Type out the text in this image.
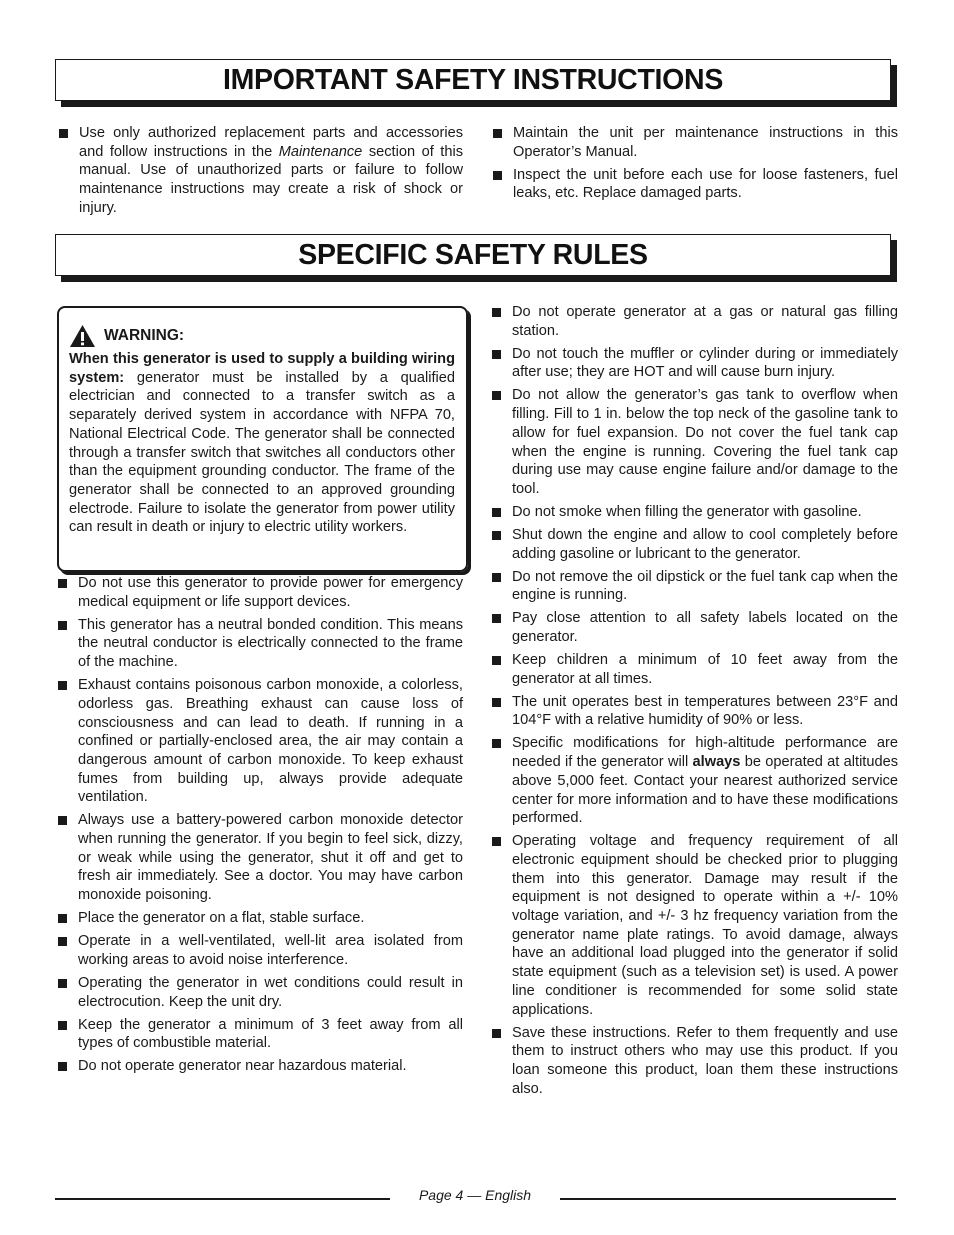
IMPORTANT SAFETY INSTRUCTIONS
Use only authorized replacement parts and accessories and follow instructions in the Maintenance section of this manual. Use of unauthorized parts or failure to follow maintenance instructions may create a risk of shock or injury.
Maintain the unit per maintenance instructions in this Operator’s Manual.
Inspect the unit before each use for loose fasteners, fuel leaks, etc. Replace damaged parts.
SPECIFIC SAFETY RULES
WARNING:
When this generator is used to supply a building wiring system: generator must be installed by a qualified electrician and connected to a transfer switch as a separately derived system in accordance with NFPA 70, National Electrical Code. The generator shall be connected through a transfer switch that switches all conductors other than the equipment grounding conductor. The frame of the generator shall be connected to an approved grounding electrode. Failure to isolate the generator from power utility can result in death or injury to electric utility workers.
Do not use this generator to provide power for emergency medical equipment or life support devices.
This generator has a neutral bonded condition. This means the neutral conductor is electrically connected to the frame of the machine.
Exhaust contains poisonous carbon monoxide, a colorless, odorless gas. Breathing exhaust can cause loss of consciousness and can lead to death. If running in a confined or partially-enclosed area, the air may contain a dangerous amount of carbon monoxide. To keep exhaust fumes from building up, always provide adequate ventilation.
Always use a battery-powered carbon monoxide detector when running the generator. If you begin to feel sick, dizzy, or weak while using the generator, shut it off and get to fresh air immediately. See a doctor. You may have carbon monoxide poisoning.
Place the generator on a flat, stable surface.
Operate in a well-ventilated, well-lit area isolated from working areas to avoid noise interference.
Operating the generator in wet conditions could result in electrocution. Keep the unit dry.
Keep the generator a minimum of 3 feet away from all types of combustible material.
Do not operate generator near hazardous material.
Do not operate generator at a gas or natural gas filling station.
Do not touch the muffler or cylinder during or immediately after use; they are HOT and will cause burn injury.
Do not allow the generator’s gas tank to overflow when filling. Fill to 1 in. below the top neck of the gasoline tank to allow for fuel expansion. Do not cover the fuel tank cap when the engine is running. Covering the fuel tank cap during use may cause engine failure and/or damage to the tool.
Do not smoke when filling the generator with gasoline.
Shut down the engine and allow to cool completely before adding gasoline or lubricant to the generator.
Do not remove the oil dipstick or the fuel tank cap when the engine is running.
Pay close attention to all safety labels located on the generator.
Keep children a minimum of 10 feet away from the generator at all times.
The unit operates best in temperatures between 23°F and 104°F with a relative humidity of 90% or less.
Specific modifications for high-altitude performance are needed if the generator will always be operated at altitudes above 5,000 feet. Contact your nearest authorized service center for more information and to have these modifications performed.
Operating voltage and frequency requirement of all electronic equipment should be checked prior to plugging them into this generator. Damage may result if the equipment is not designed to operate within a +/- 10% voltage variation, and +/- 3 hz frequency variation from the generator name plate ratings. To avoid damage, always have an additional load plugged into the generator if solid state equipment (such as a television set) is used. A power line conditioner is recommended for some solid state applications.
Save these instructions. Refer to them frequently and use them to instruct others who may use this product. If you loan someone this product, loan them these instructions also.
Page 4 — English
